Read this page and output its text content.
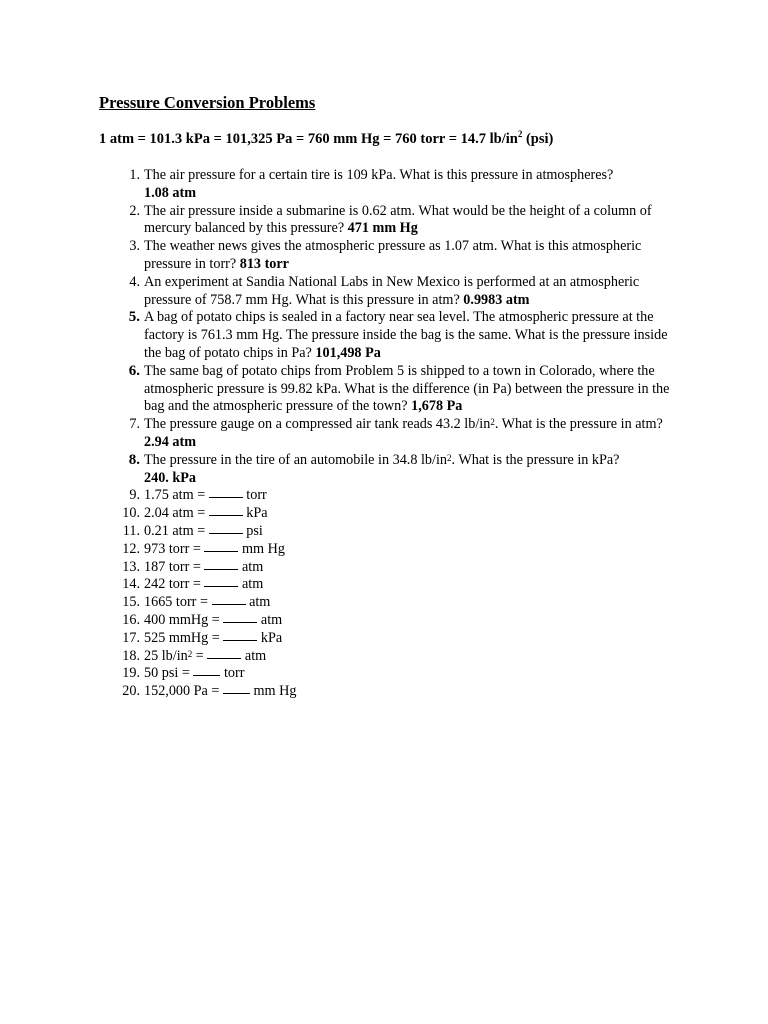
Pressure Conversion Problems
1 atm = 101.3 kPa = 101,325 Pa = 760 mm Hg = 760 torr = 14.7 $lb/in^2$ (psi)
1. The air pressure for a certain tire is 109 kPa. What is this pressure in atmospheres?
1.08 atm
2. The air pressure inside a submarine is 0.62 atm. What would be the height of a column of mercury balanced by this pressure? 471 mm Hg
3. The weather news gives the atmospheric pressure as 1.07 atm. What is this atmospheric pressure in torr? 813 torr
4. An experiment at Sandia National Labs in New Mexico is performed at an atmospheric pressure of 758.7 mm Hg. What is this pressure in atm? 0.9983 atm
5. A bag of potato chips is sealed in a factory near sea level. The atmospheric pressure at the factory is 761.3 mm Hg. The pressure inside the bag is the same. What is the pressure inside the bag of potato chips in Pa? 101,498 Pa
6. The same bag of potato chips from Problem 5 is shipped to a town in Colorado, where the atmospheric pressure is 99.82 kPa. What is the difference (in Pa) between the pressure in the bag and the atmospheric pressure of the town? 1,678 Pa
7. The pressure gauge on a compressed air tank reads 43.2 $lb/in^2$. What is the pressure in atm? 2.94 atm
8. The pressure in the tire of an automobile in 34.8 $lb/in^2$. What is the pressure in kPa?
240. kPa
9. 1.75 atm =  torr
10. 2.04 atm =  kPa
11. 0.21 atm =  psi
12. 973 torr =  mm Hg
13. 187 torr =  atm
14. 242 torr =  atm
15. 1665 torr =  atm
16. 400 mmHg =  atm
17. 525 mmHg =  kPa
18. 25 $lb/in^2$ =  atm
19. 50 psi =  torr
20. 152,000 Pa =  mm Hg
